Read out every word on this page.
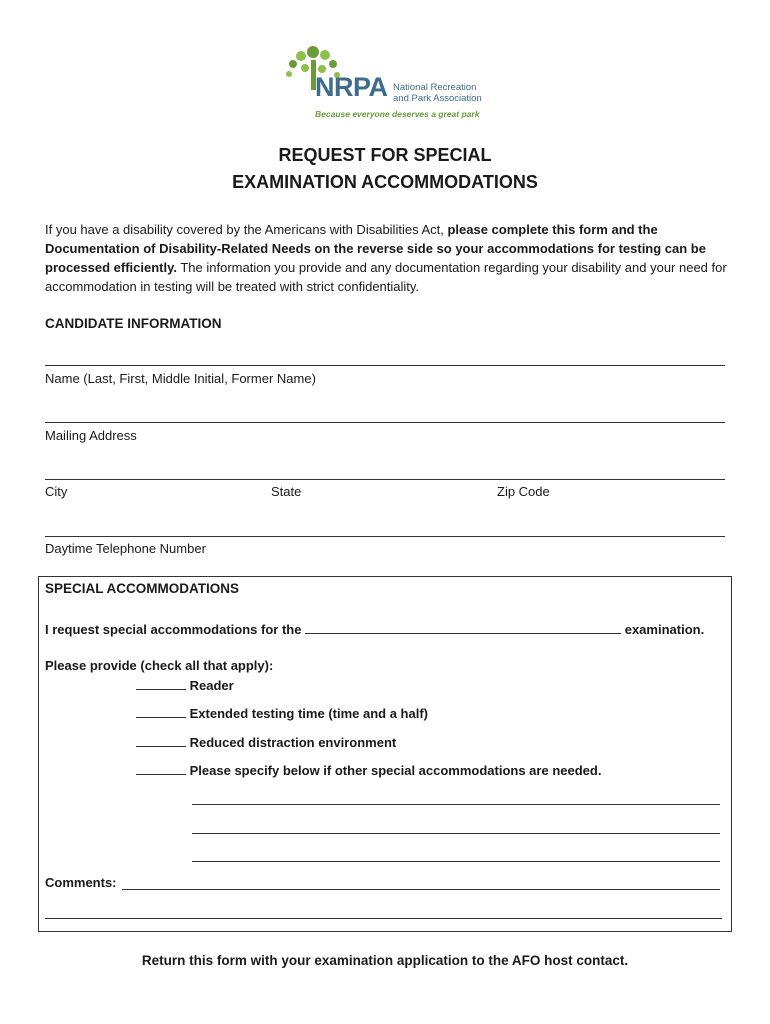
NRPA National Recreation
and Park Association
Because everyone deserves a great park
REQUEST FOR SPECIAL
EXAMINATION ACCOMMODATIONS
If you have a disability covered by the Americans with Disabilities Act, please complete this form and the Documentation of Disability-Related Needs on the reverse side so your accommodations for testing can be processed efficiently. The information you provide and any documentation regarding your disability and your need for accommodation in testing will be treated with strict confidentiality.
CANDIDATE INFORMATION
Name (Last, First, Middle Initial, Former Name)
Mailing Address
City	State	Zip Code
Daytime Telephone Number
SPECIAL ACCOMMODATIONS
I request special accommodations for the	examination.
Please provide (check all that apply):
Reader
Extended testing time (time and a half)
Reduced distraction environment
Please specify below if other special accommodations are needed.
Comments:
Return this form with your examination application to the AFO host contact.
